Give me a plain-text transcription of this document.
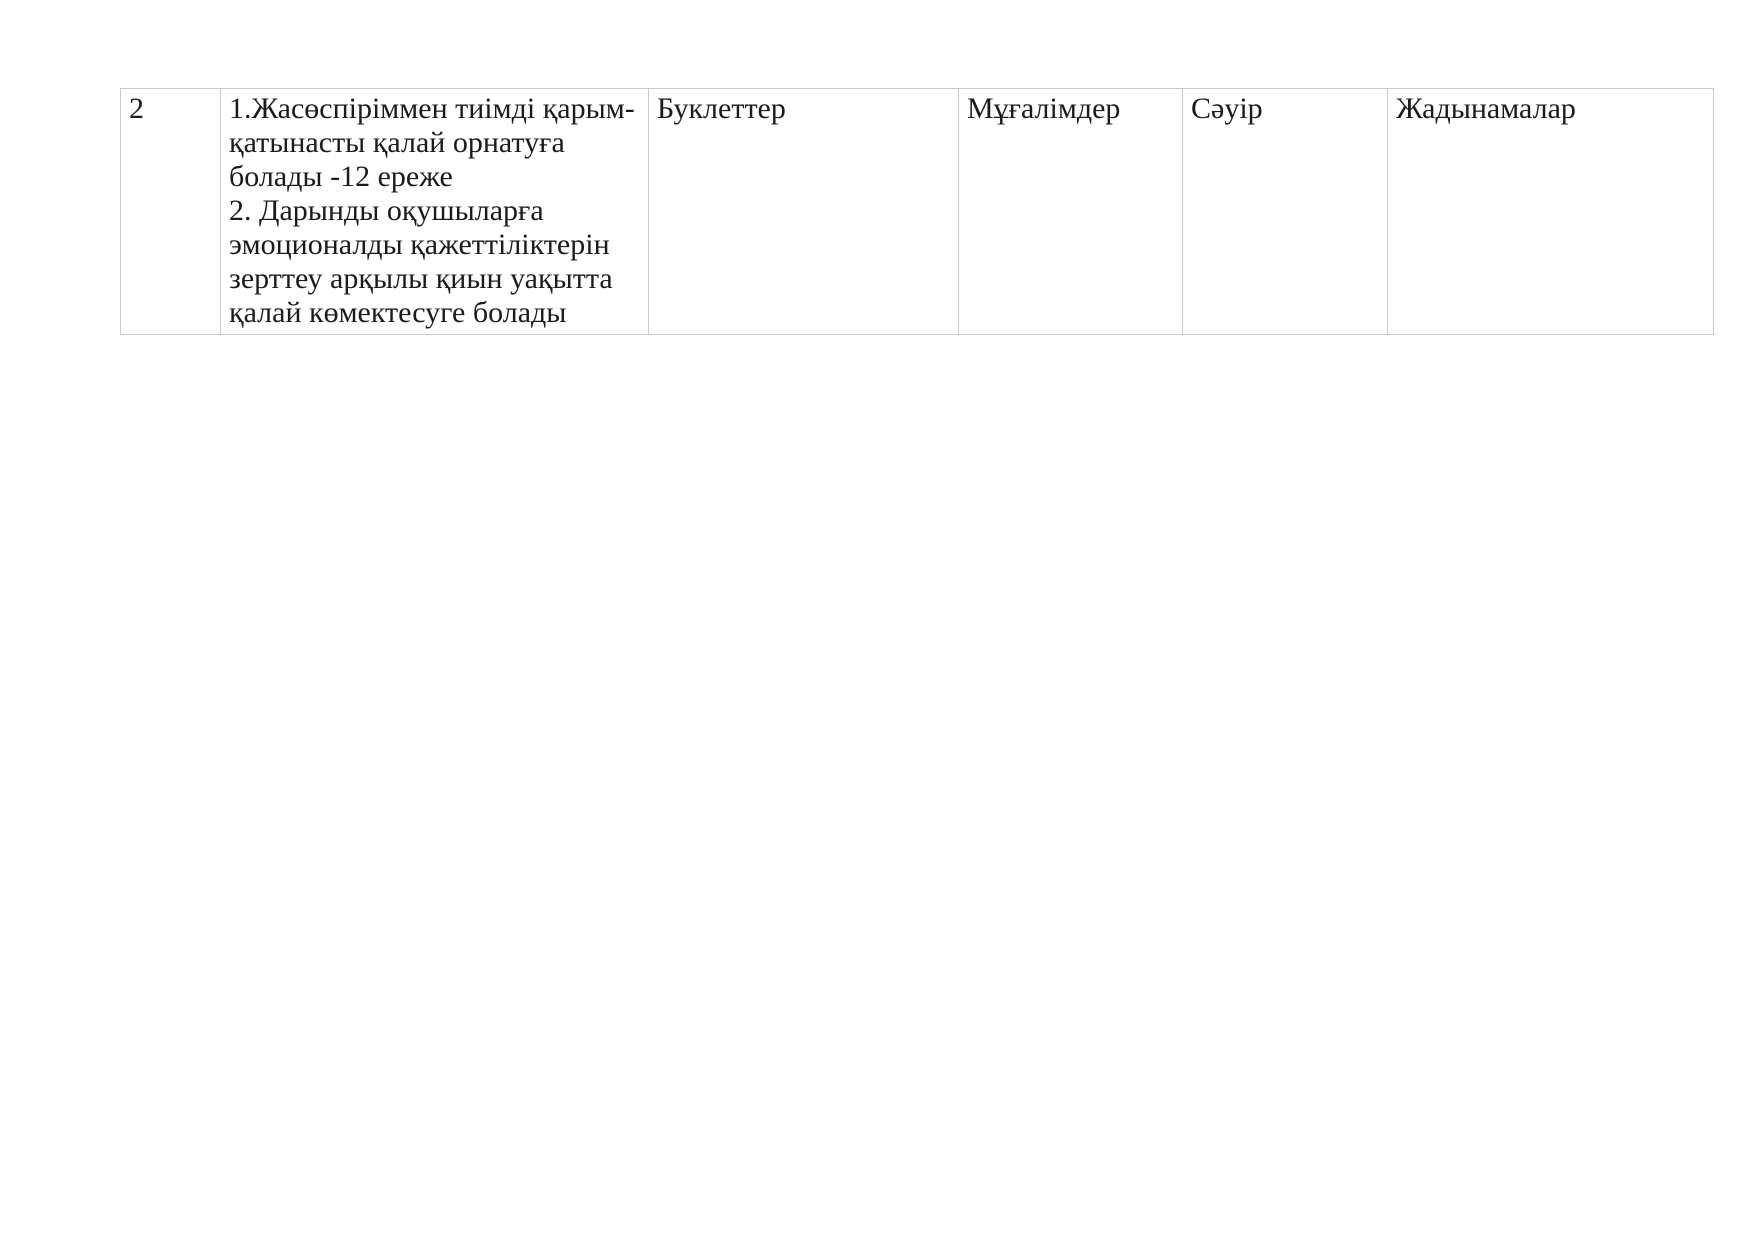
2	1.Жасөспіріммен тиімді қарым-
қатынасты қалай орнатуға
болады -12 ереже
2. Дарынды оқушыларға
эмоционалды қажеттіліктерін
зерттеу арқылы қиын уақытта
қалай көмектесуге болады	Буклеттер	Мұғалімдер	Сәуір	Жадынамалар
